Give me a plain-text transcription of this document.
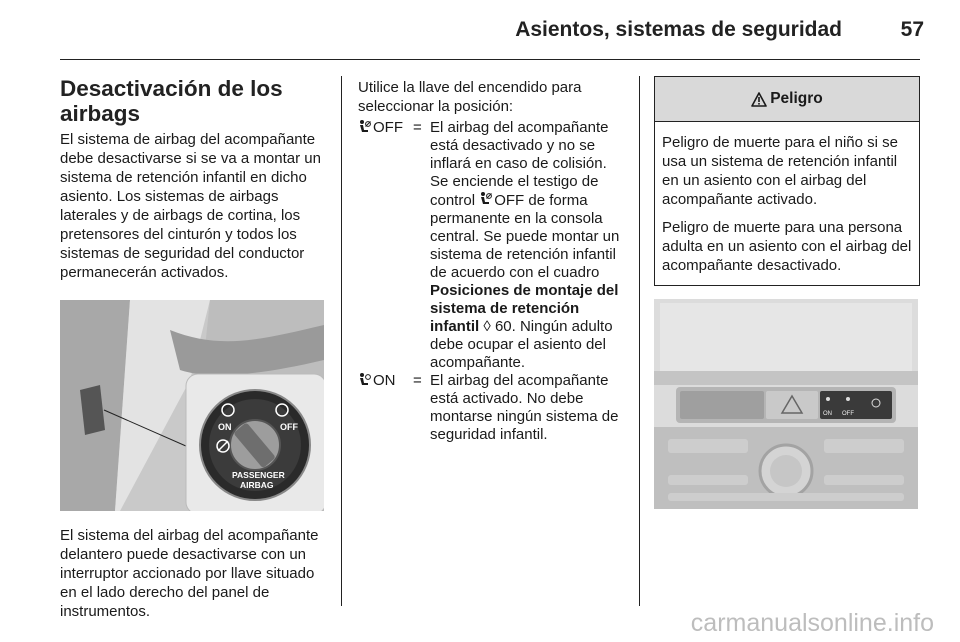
Asientos, sistemas de seguridad	57
Desactivación de los airbags

El sistema de airbag del acompañante debe desactivarse si se va a montar un sistema de retención infantil en dicho asiento. Los sistemas de airbags laterales y de airbags de cortina, los pretensores del cinturón y todos los sistemas de seguridad del conductor permanecerán activados.

ON	OFF
PASSENGER
AIRBAG

El sistema del airbag del acompañante delantero puede desactivarse con un interruptor accionado por llave situado en el lado derecho del panel de instrumentos.

Utilice la llave del encendido para seleccionar la posición:

OFF = El airbag del acompañante está desactivado y no se inflará en caso de colisión. Se enciende el testigo de control OFF de forma permanente en la consola central. Se puede montar un sistema de retención infantil de acuerdo con el cuadro Posiciones de montaje del sistema de retención infantil ◊ 60. Ningún adulto debe ocupar el asiento del acompañante.
ON = El airbag del acompañante está activado. No debe montarse ningún sistema de seguridad infantil.
Peligro

Peligro de muerte para el niño si se usa un sistema de retención infantil en un asiento con el airbag del acompañante activado.

Peligro de muerte para una persona adulta en un asiento con el airbag del acompañante desactivado.

ON OFF
carmanualsonline.info
